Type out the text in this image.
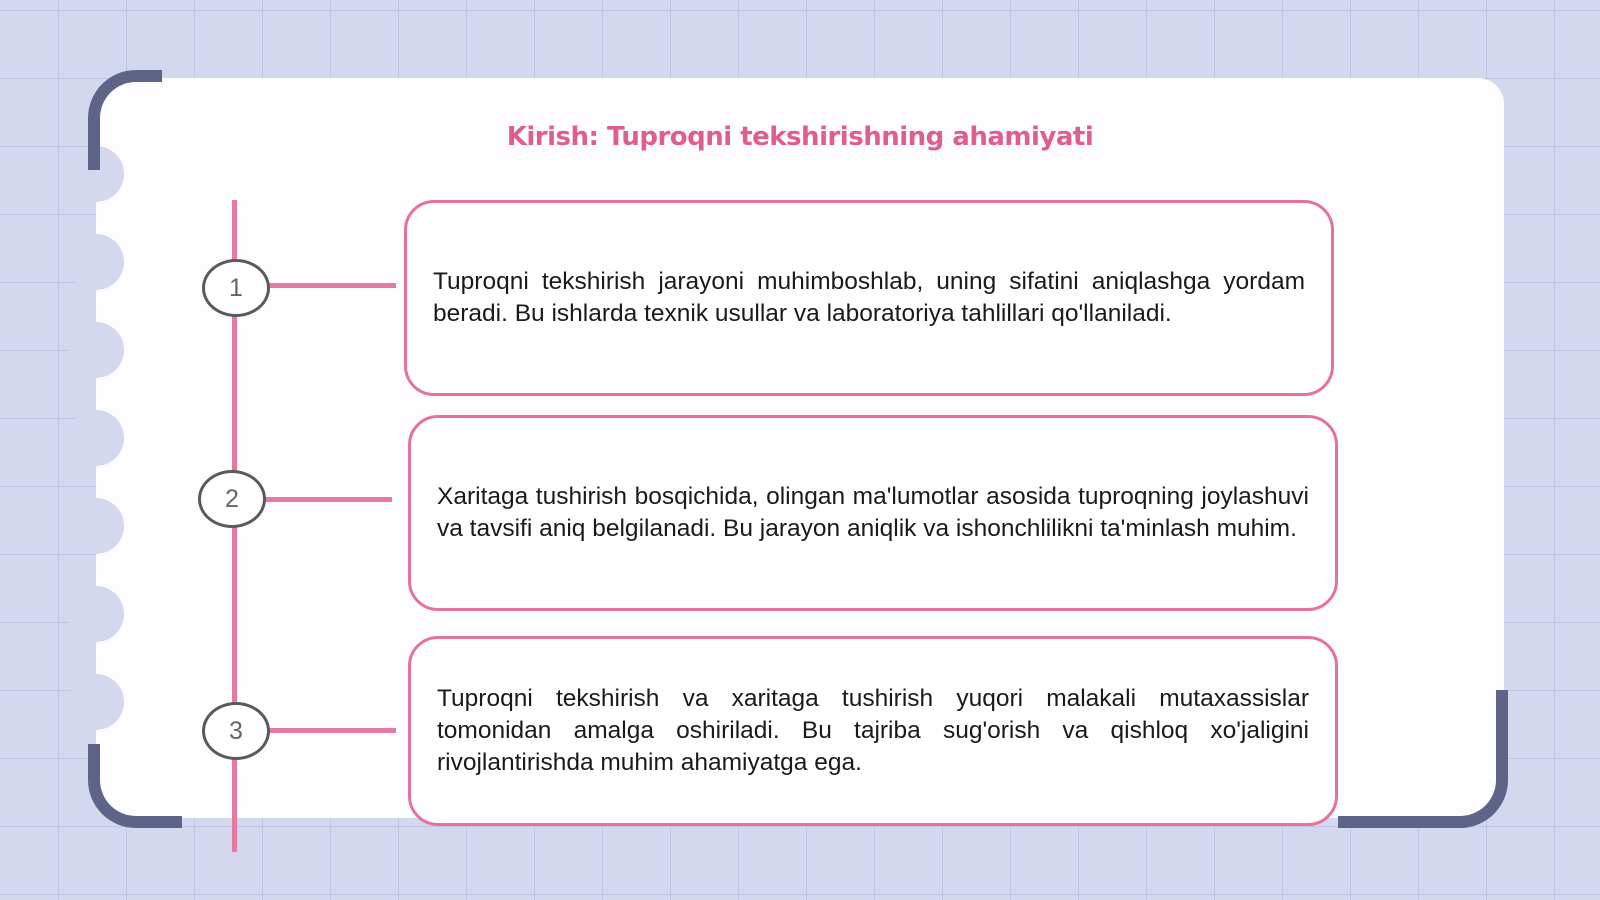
Kirish: Tuproqni tekshirishning ahamiyati
1
2
3
Tuproqni tekshirish jarayoni muhimboshlab, uning sifatini aniqlashga yordam beradi. Bu ishlarda texnik usullar va laboratoriya tahlillari qo'llaniladi.
Xaritaga tushirish bosqichida, olingan ma'lumotlar asosida tuproqning joylashuvi va tavsifi aniq belgilanadi. Bu jarayon aniqlik va ishonchlilikni ta'minlash muhim.
Tuproqni tekshirish va xaritaga tushirish yuqori malakali mutaxassislar tomonidan amalga oshiriladi. Bu tajriba sug'orish va qishloq xo'jaligini rivojlantirishda muhim ahamiyatga ega.
